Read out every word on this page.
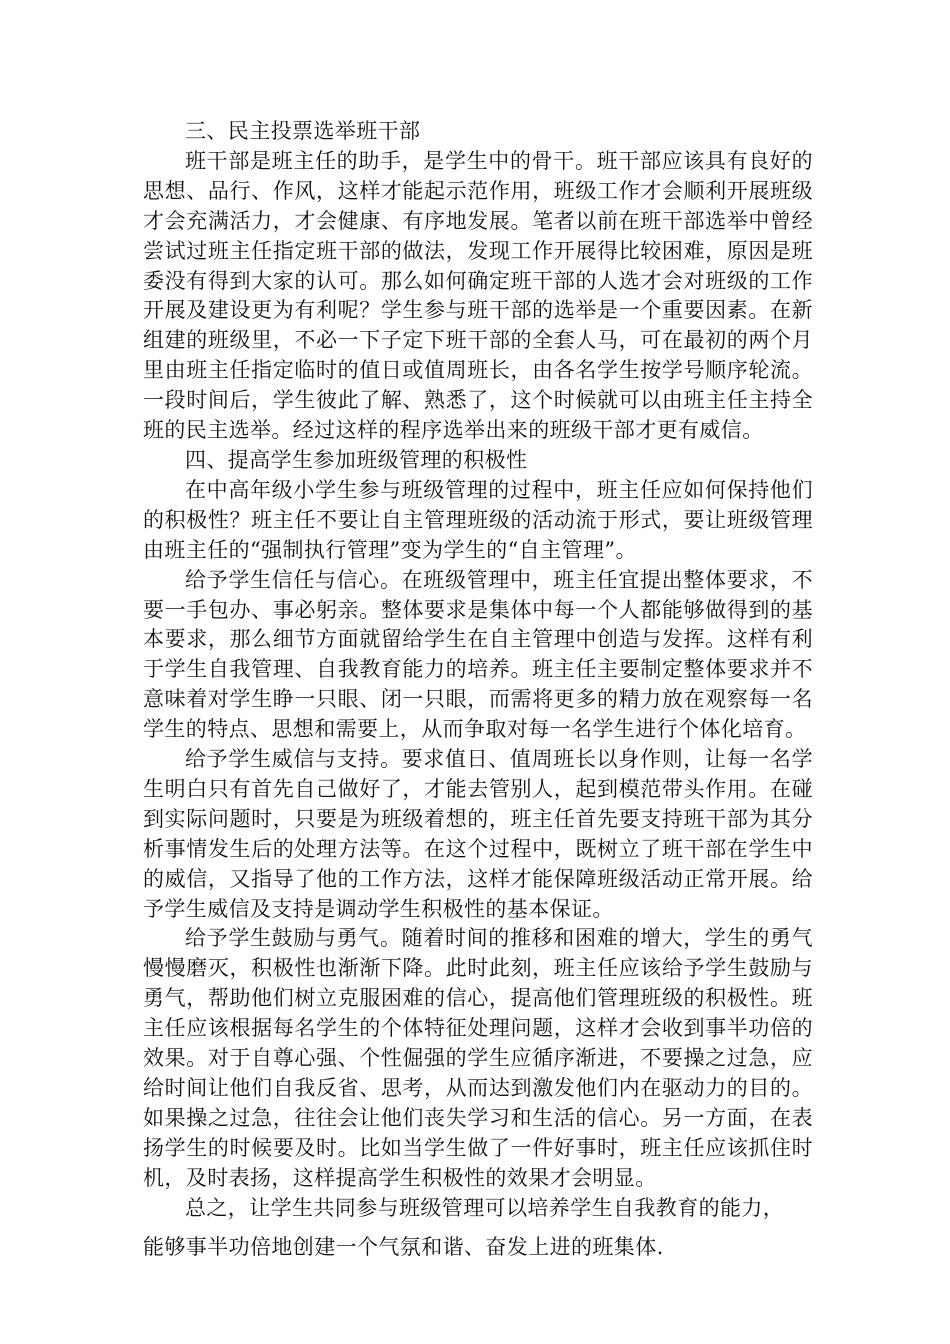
三、民主投票选举班干部

班干部是班主任的助手，是学生中的骨干。班干部应该具有良好的思想、品行、作风，这样才能起示范作用，班级工作才会顺利开展班级才会充满活力，才会健康、有序地发展。笔者以前在班干部选举中曾经尝试过班主任指定班干部的做法，发现工作开展得比较困难，原因是班委没有得到大家的认可。那么如何确定班干部的人选才会对班级的工作开展及建设更为有利呢？学生参与班干部的选举是一个重要因素。在新组建的班级里，不必一下子定下班干部的全套人马，可在最初的两个月里由班主任指定临时的值日或值周班长，由各名学生按学号顺序轮流。一段时间后，学生彼此了解、熟悉了，这个时候就可以由班主任主持全班的民主选举。经过这样的程序选举出来的班级干部才更有威信。

四、提高学生参加班级管理的积极性

在中高年级小学生参与班级管理的过程中，班主任应如何保持他们的积极性？班主任不要让自主管理班级的活动流于形式，要让班级管理由班主任的“强制执行管理”变为学生的“自主管理”。

给予学生信任与信心。在班级管理中，班主任宜提出整体要求，不要一手包办、事必躬亲。整体要求是集体中每一个人都能够做得到的基本要求，那么细节方面就留给学生在自主管理中创造与发挥。这样有利于学生自我管理、自我教育能力的培养。班主任主要制定整体要求并不意味着对学生睁一只眼、闭一只眼，而需将更多的精力放在观察每一名学生的特点、思想和需要上，从而争取对每一名学生进行个体化培育。

给予学生威信与支持。要求值日、值周班长以身作则，让每一名学生明白只有首先自己做好了，才能去管别人，起到模范带头作用。在碰到实际问题时，只要是为班级着想的，班主任首先要支持班干部为其分析事情发生后的处理方法等。在这个过程中，既树立了班干部在学生中的威信，又指导了他的工作方法，这样才能保障班级活动正常开展。给予学生威信及支持是调动学生积极性的基本保证。

给予学生鼓励与勇气。随着时间的推移和困难的增大，学生的勇气慢慢磨灭，积极性也渐渐下降。此时此刻，班主任应该给予学生鼓励与勇气，帮助他们树立克服困难的信心，提高他们管理班级的积极性。班主任应该根据每名学生的个体特征处理问题，这样才会收到事半功倍的效果。对于自尊心强、个性倔强的学生应循序渐进，不要操之过急，应给时间让他们自我反省、思考，从而达到激发他们内在驱动力的目的。如果操之过急，往往会让他们丧失学习和生活的信心。另一方面，在表扬学生的时候要及时。比如当学生做了一件好事时，班主任应该抓住时机，及时表扬，这样提高学生积极性的效果才会明显。

总之，让学生共同参与班级管理可以培养学生自我教育的能力，

能够事半功倍地创建一个气氛和谐、奋发上进的班集体.
